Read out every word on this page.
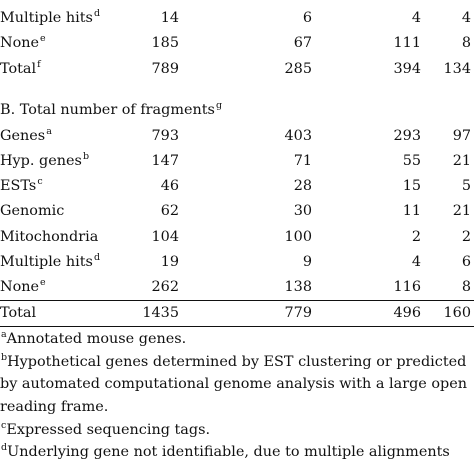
Multiple hits$^d$	14	6	4	4
None$^e$	185	67	111	8
Total$^f$	789	285	394	134
B. Total number of fragments$^g$
Genes$^a$	793	403	293	97
Hyp. genes$^b$	147	71	55	21
ESTs$^c$	46	28	15	5
Genomic	62	30	11	21
Mitochondria	104	100	2	2
Multiple hits$^d$	19	9	4	6
None$^e$	262	138	116	8
Total	1435	779	496	160
$^a$Annotated mouse genes.
$^b$Hypothetical genes determined by EST clustering or predicted
by automated computational genome analysis with a large open
reading frame.
$^c$Expressed sequencing tags.
$^d$Underlying gene not identifiable, due to multiple alignments
